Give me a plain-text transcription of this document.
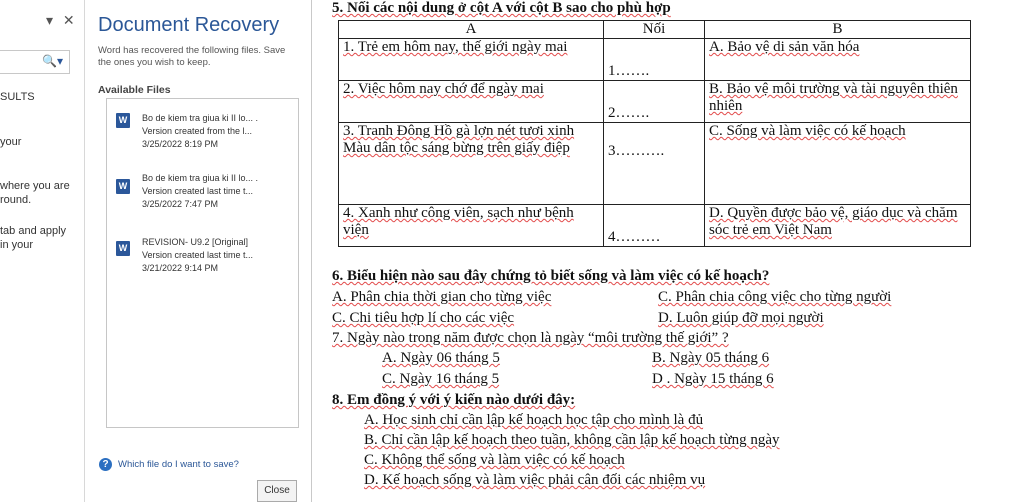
▾ ✕
🔍▾
SULTS
your
where you are
round.
tab and apply
in your
Document Recovery
Word has recovered the following files. Save the ones you wish to keep.
Available Files
W	Bo de kiem tra giua ki II lo... .
Version created from the l...
3/25/2022 8:19 PM
W
Bo de kiem tra giua ki II lo... .
Version created last time t...
3/25/2022 7:47 PM
W
REVISION- U9.2 [Original]
Version created last time t...
3/21/2022 9:14 PM
? Which file do I want to save?
Close
5. Nối các nội dung ở cột A với cột B sao cho phù hợp
A	Nối	B
1. Trẻ em hôm nay, thế giới ngày mai	1…….	A. Bảo vệ di sản văn hóa
2. Việc hôm nay chớ để ngày mai	2…….	B. Bảo vệ môi trường và tài nguyên thiên nhiên
3. Tranh Đông Hồ gà lợn nét tươi xinh
Màu dân tộc sáng bừng trên giấy điệp	3……….	C. Sống và làm việc có kế hoạch
4. Xanh như công viên, sạch như bệnh viện	4………	D. Quyền được bảo vệ, giáo dục và chăm sóc trẻ em Việt Nam
6. Biểu hiện nào sau đây chứng tỏ biết sống và làm việc có kế hoạch?
A. Phân chia thời gian cho từng việc	C. Phân chia công việc cho từng người
C. Chi tiêu hợp lí cho các việc	D. Luôn giúp đỡ mọi người
7. Ngày nào trong năm được chọn là ngày “môi trường thế giới” ?
A. Ngày 06 tháng 5	B. Ngày 05 tháng 6
C. Ngày 16 tháng 5	D . Ngày 15 tháng 6
8. Em đồng ý với ý kiến nào dưới đây:
A. Học sinh chỉ cần lập kế hoạch học tập cho mình là đủ
B. Chỉ cần lập kế hoạch theo tuần, không cần lập kế hoạch từng ngày
C. Không thể sống và làm việc có kế hoạch
D. Kế hoạch sống và làm việc phải cân đối các nhiệm vụ
